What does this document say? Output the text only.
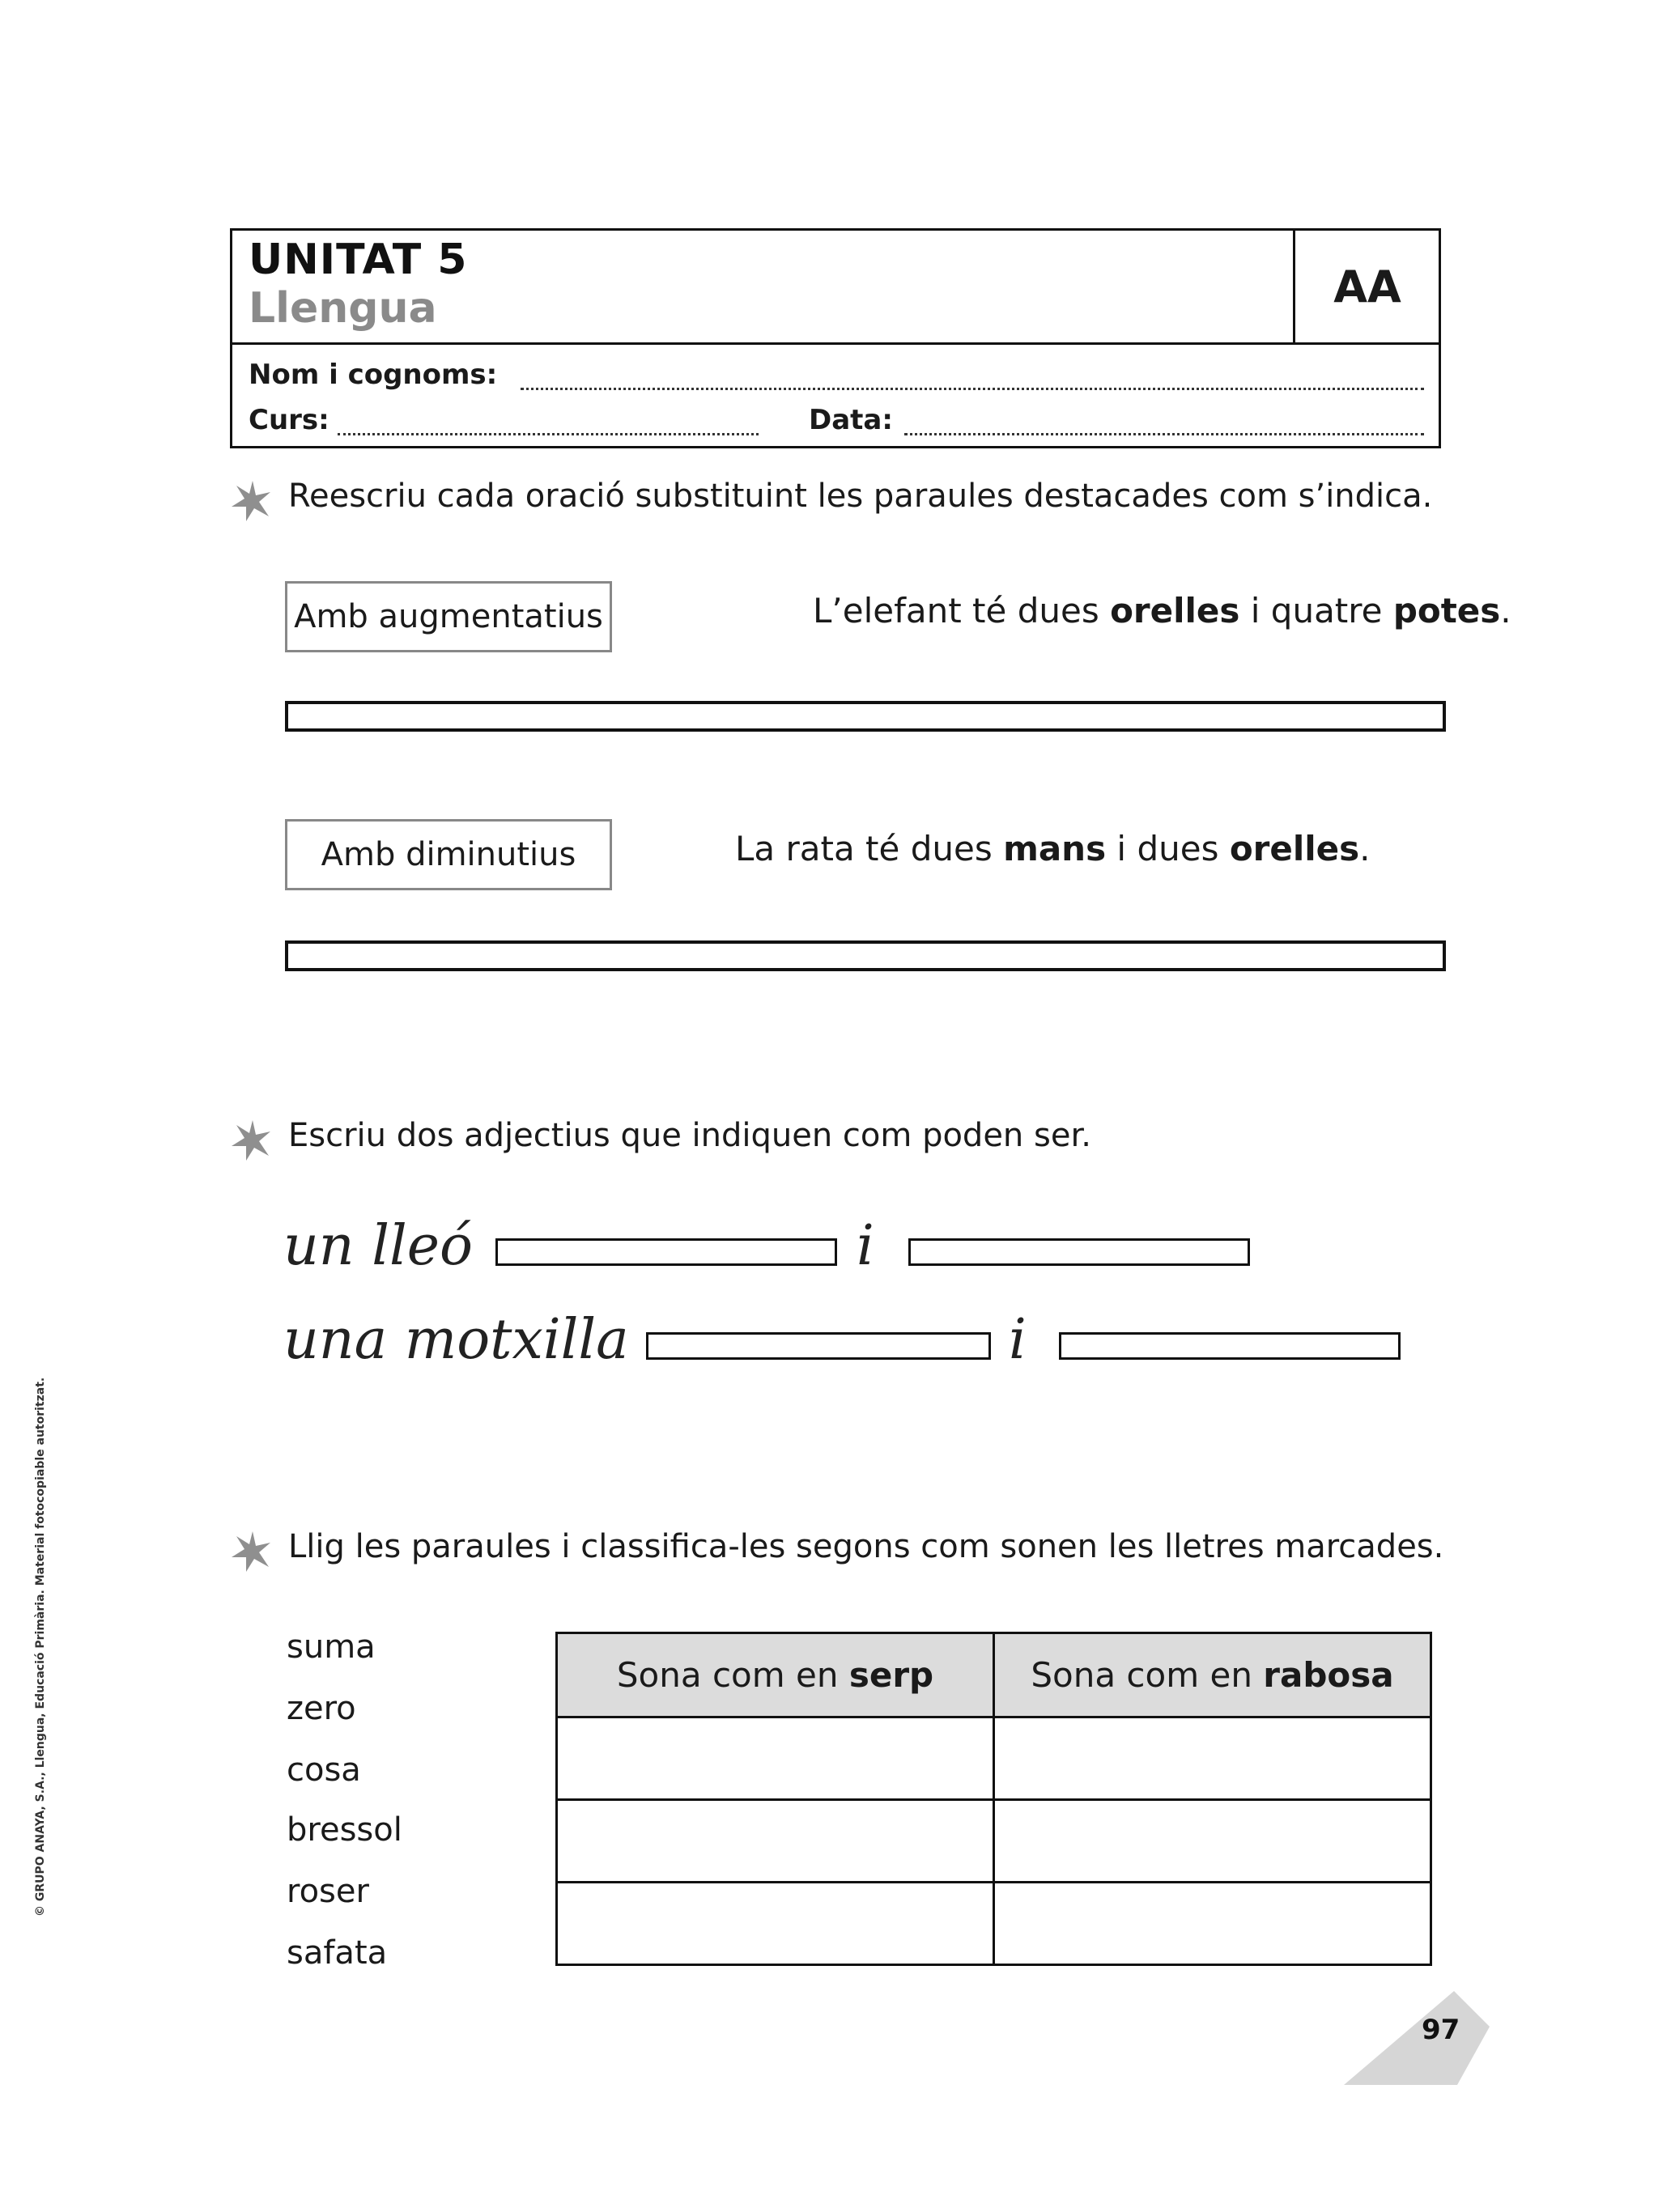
UNITAT 5
Llengua	AA
Nom i cognoms:
Curs:	Data:
Reescriu cada oració substituint les paraules destacades com s’indica.
Amb augmentatius	L’elefant té dues orelles i quatre potes.
Amb diminutius	La rata té dues mans i dues orelles.
Escriu dos adjectius que indiquen com poden ser.
un lleó	i
una motxilla	i
Llig les paraules i classifica-les segons com sonen les lletres marcades.
suma
zero
cosa
bressol
roser
safata
Sona com en serp	Sona com en rabosa

© GRUPO ANAYA, S.A., Llengua, Educació Primària. Material fotocopiable autoritzat.
97
